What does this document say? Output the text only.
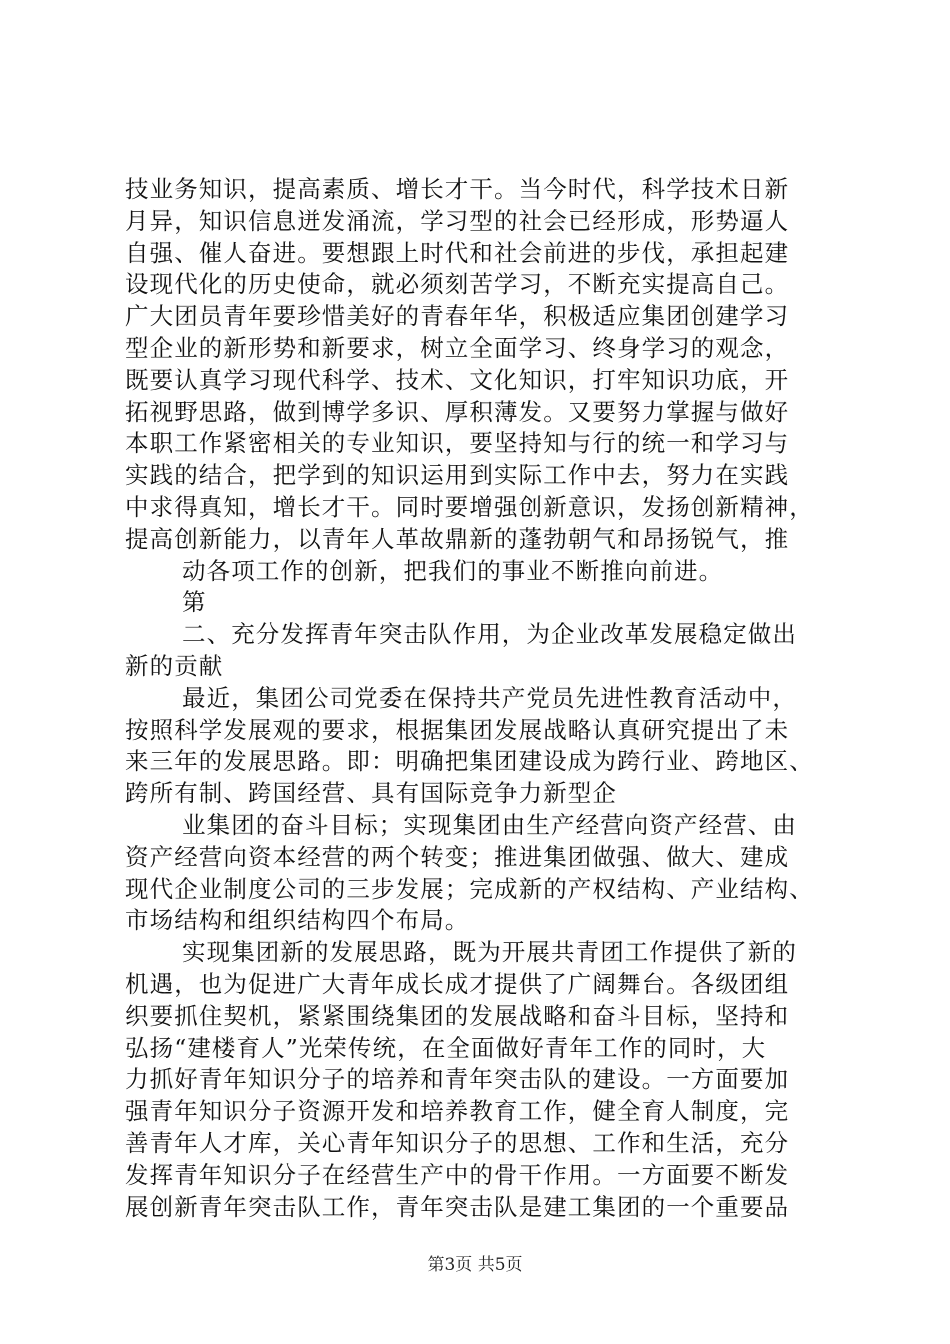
技业务知识，提高素质、增长才干。当今时代，科学技术日新
月异，知识信息迸发涌流，学习型的社会已经形成，形势逼人
自强、催人奋进。要想跟上时代和社会前进的步伐，承担起建
设现代化的历史使命，就必须刻苦学习，不断充实提高自己。
广大团员青年要珍惜美好的青春年华，积极适应集团创建学习
型企业的新形势和新要求，树立全面学习、终身学习的观念，
既要认真学习现代科学、技术、文化知识，打牢知识功底，开
拓视野思路，做到博学多识、厚积薄发。又要努力掌握与做好
本职工作紧密相关的专业知识，要坚持知与行的统一和学习与
实践的结合，把学到的知识运用到实际工作中去，努力在实践
中求得真知，增长才干。同时要增强创新意识，发扬创新精神，
提高创新能力，以青年人革故鼎新的蓬勃朝气和昂扬锐气，推
动各项工作的创新，把我们的事业不断推向前进。
第
二、充分发挥青年突击队作用，为企业改革发展稳定做出
新的贡献
最近，集团公司党委在保持共产党员先进性教育活动中，
按照科学发展观的要求，根据集团发展战略认真研究提出了未
来三年的发展思路。即：明确把集团建设成为跨行业、跨地区、
跨所有制、跨国经营、具有国际竞争力新型企
业集团的奋斗目标；实现集团由生产经营向资产经营、由
资产经营向资本经营的两个转变；推进集团做强、做大、建成
现代企业制度公司的三步发展；完成新的产权结构、产业结构、
市场结构和组织结构四个布局。
实现集团新的发展思路，既为开展共青团工作提供了新的
机遇，也为促进广大青年成长成才提供了广阔舞台。各级团组
织要抓住契机，紧紧围绕集团的发展战略和奋斗目标，坚持和
弘扬“建楼育人”光荣传统，在全面做好青年工作的同时，大
力抓好青年知识分子的培养和青年突击队的建设。一方面要加
强青年知识分子资源开发和培养教育工作，健全育人制度，完
善青年人才库，关心青年知识分子的思想、工作和生活，充分
发挥青年知识分子在经营生产中的骨干作用。一方面要不断发
展创新青年突击队工作，青年突击队是建工集团的一个重要品
第3页 共5页
